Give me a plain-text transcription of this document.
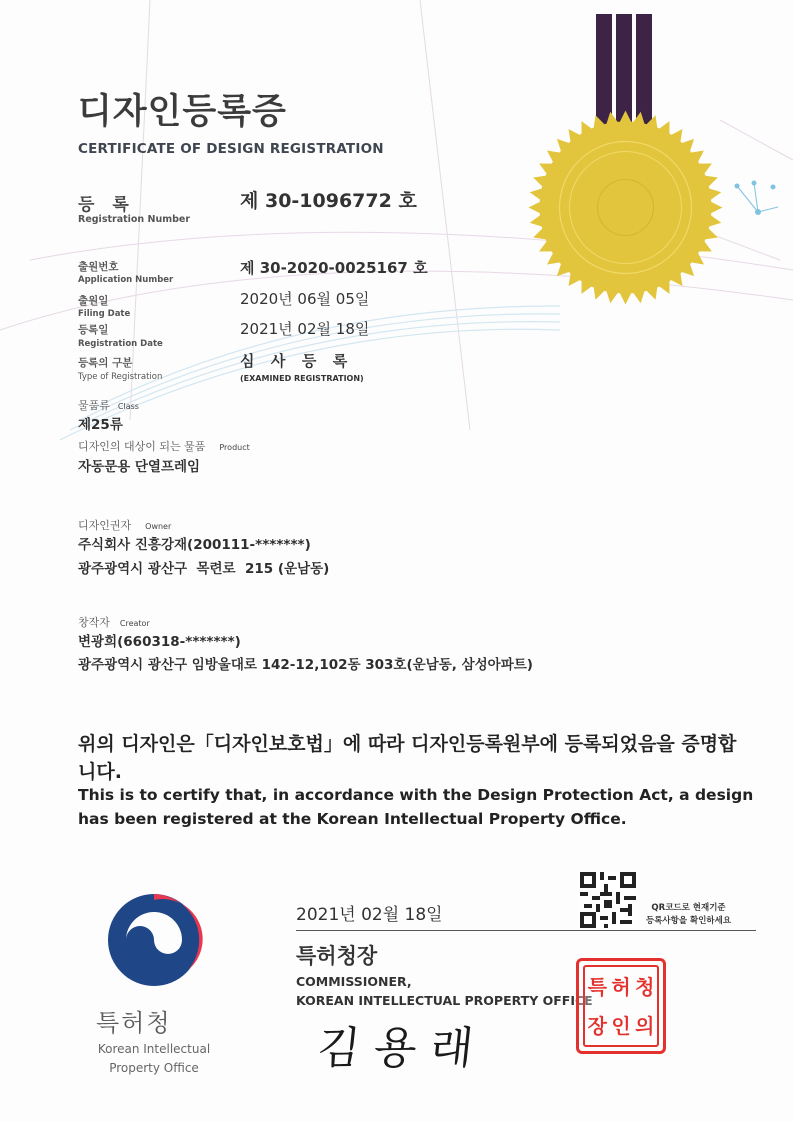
디자인등록증
CERTIFICATE OF DESIGN REGISTRATION
등 록
Registration Number
제 30-1096772 호
출원번호
Application Number
제 30-2020-0025167 호
출원일
Filing Date
2020년 06월 05일
등록일
Registration Date
2021년 02월 18일
등록의 구분
Type of Registration
심  사  등  록
(EXAMINED REGISTRATION)
물품류 Class
제25류
디자인의 대상이 되는 물품 Product
자동문용 단열프레임
디자인권자 Owner
주식회사 진흥강재(200111-*******)
광주광역시 광산구  목련로  215 (운남동)
창작자 Creator
변광희(660318-*******)
광주광역시 광산구 임방울대로 142-12,102동 303호(운남동, 삼성아파트)
위의 디자인은「디자인보호법」에 따라 디자인등록원부에 등록되었음을 증명합니다.
This is to certify that, in accordance with the Design Protection Act, a design has been registered at the Korean Intellectual Property Office.
특허청
Korean Intellectual Property Office
2021년 02월 18일	QR코드로 현재기준
등록사항을 확인하세요
특허청장
COMMISSIONER,
KOREAN INTELLECTUAL PROPERTY OFFICE
특 허 청
장 인 의
김용래
